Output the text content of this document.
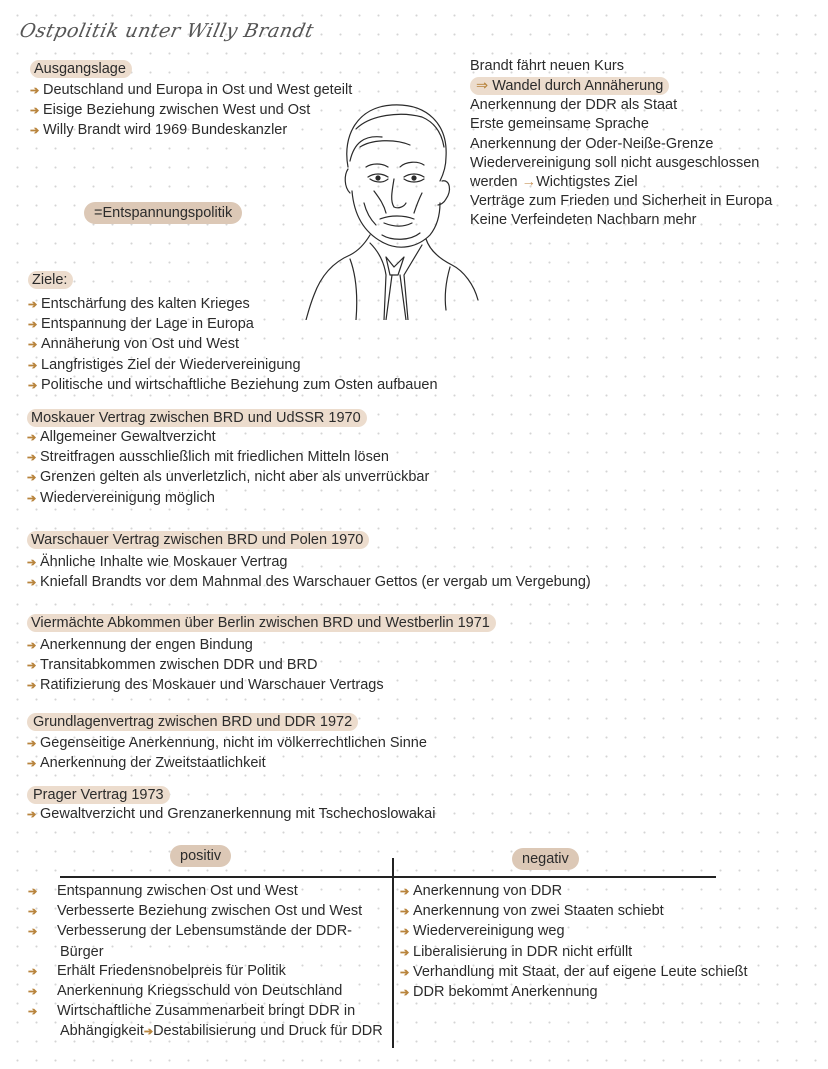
Ostpolitik unter Willy Brandt
Ausgangslage
➔ Deutschland und Europa in Ost und West geteilt
➔ Eisige Beziehung zwischen West und Ost
➔ Willy Brandt wird 1969 Bundeskanzler
=Entspannungspolitik
Brandt fährt neuen Kurs
⇒ Wandel durch Annäherung
Anerkennung der DDR als Staat
Erste gemeinsame Sprache
Anerkennung der Oder-Neiße-Grenze
Wiedervereinigung soll nicht ausgeschlossen
werden →Wichtigstes Ziel
Verträge zum Frieden und Sicherheit in Europa
Keine Verfeindeten Nachbarn mehr
Ziele:
➔ Entschärfung des kalten Krieges
➔ Entspannung der Lage in Europa
➔ Annäherung von Ost und West
➔ Langfristiges Ziel der Wiedervereinigung
➔ Politische und wirtschaftliche Beziehung zum Osten aufbauen
Moskauer Vertrag zwischen BRD und UdSSR 1970
➔ Allgemeiner Gewaltverzicht
➔ Streitfragen ausschließlich mit friedlichen Mitteln lösen
➔ Grenzen gelten als unverletzlich, nicht aber als unverrückbar
➔ Wiedervereinigung möglich
Warschauer Vertrag zwischen BRD und Polen 1970
➔ Ähnliche Inhalte wie Moskauer Vertrag
➔ Kniefall Brandts vor dem Mahnmal des Warschauer Gettos (er vergab um Vergebung)
Viermächte Abkommen über Berlin zwischen BRD und Westberlin 1971
➔ Anerkennung der engen Bindung
➔ Transitabkommen zwischen DDR und BRD
➔ Ratifizierung des Moskauer und Warschauer Vertrags
Grundlagenvertrag zwischen BRD und DDR 1972
➔ Gegenseitige Anerkennung, nicht im völkerrechtlichen Sinne
➔ Anerkennung der Zweitstaatlichkeit
Prager Vertrag 1973
➔ Gewaltverzicht und Grenzanerkennung mit Tschechoslowakai
positiv	negativ
➔ Entspannung zwischen Ost und West
➔ Verbesserte Beziehung zwischen Ost und West
➔ Verbesserung der Lebensumstände der DDR-Bürger
➔ Erhält Friedensnobelpreis für Politik
➔ Anerkennung Kriegsschuld von Deutschland
➔ Wirtschaftliche Zusammenarbeit bringt DDR in Abhängigkeit➔Destabilisierung und Druck für DDR
➔ Anerkennung von DDR
➔ Anerkennung von zwei Staaten schiebt
➔ Wiedervereinigung weg
➔ Liberalisierung in DDR nicht erfüllt
➔ Verhandlung mit Staat, der auf eigene Leute schießt
➔ DDR bekommt Anerkennung
